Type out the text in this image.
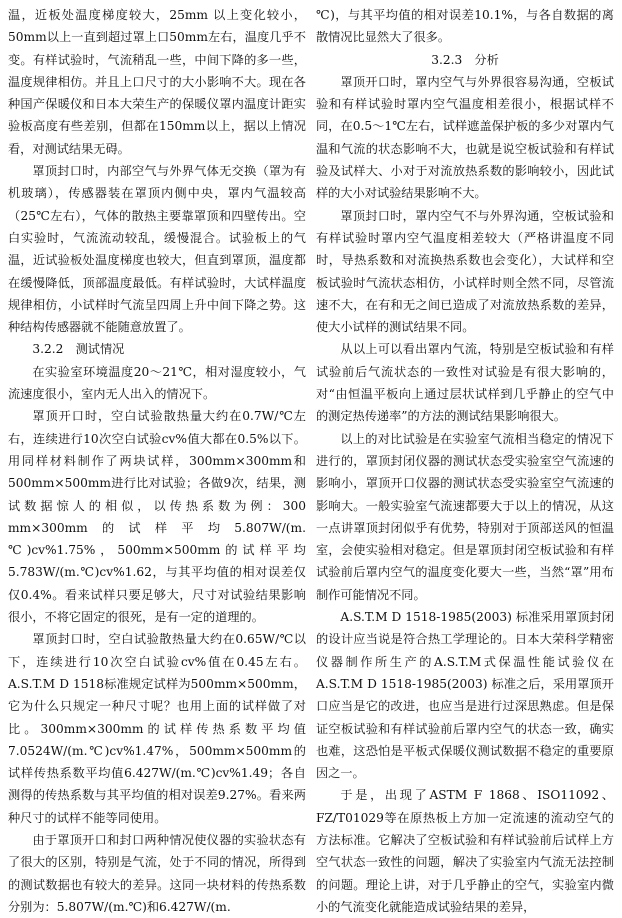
温，近板处温度梯度较大，25mm 以上变化较小，50mm以上一直到超过罩上口50mm左右，温度几乎不变。有样试验时，气流稍乱一些，中间下降的多一些，温度规律相仿。并且上口尺寸的大小影响不大。现在各种国产保暖仪和日本大荣生产的保暖仪罩内温度计距实验板高度有些差别，但都在150mm以上，据以上情况看，对测试结果无碍。

罩顶封口时，内部空气与外界气体无交换（罩为有机玻璃），传感器装在罩顶内侧中央，罩内气温较高（25℃左右），气体的散热主要靠罩顶和四壁传出。空白实验时，气流流动较乱，缓慢混合。试验板上的气温，近试验板处温度梯度也较大，但直到罩顶，温度都在缓慢降低，顶部温度最低。有样试验时，大试样温度规律相仿，小试样时气流呈四周上升中间下降之势。这种结构传感器就不能随意放置了。

3.2.2　测试情况

在实验室环境温度20～21℃，相对湿度较小，气流速度很小，室内无人出入的情况下。

罩顶开口时，空白试验散热量大约在0.7W/℃左右，连续进行10次空白试验cv%值大都在0.5%以下。用同样材料制作了两块试样，300mm×300mm和500mm×500mm进行比对试验；各做9次，结果，测试数据惊人的相似，以传热系数为例：300 mm×300mm的试样平均5.807W/(m.℃)cv%1.75%，500mm×500mm的试样平均5.783W/(m.℃)cv%1.62，与其平均值的相对误差仅仅0.4%。看来试样只要足够大，尺寸对试验结果影响很小，不将它固定的很死，是有一定的道理的。

罩顶封口时，空白试验散热量大约在0.65W/℃以下，连续进行10次空白试验cv%值在0.45左右。A.S.T.M D 1518标准规定试样为500mm×500mm，它为什么只规定一种尺寸呢？也用上面的试样做了对比。300mm×300mm的试样传热系数平均值7.0524W/(m.℃)cv%1.47%，500mm×500mm的试样传热系数平均值6.427W/(m.℃)cv%1.49；各自测得的传热系数与其平均值的相对误差9.27%。看来两种尺寸的试样不能等同使用。

由于罩顶开口和封口两种情况使仪器的实验状态有了很大的区别，特别是气流，处于不同的情况，所得到的测试数据也有较大的差异。这同一块材料的传热系数分别为：5.807W/(m.℃)和6.427W/(m.

℃)，与其平均值的相对误差10.1%，与各自数据的离散情况比显然大了很多。

3.2.3　分析

罩顶开口时，罩内空气与外界很容易沟通，空板试验和有样试验时罩内空气温度相差很小，根据试样不同，在0.5～1℃左右，试样遮盖保护板的多少对罩内气温和气流的状态影响不大，也就是说空板试验和有样试验及试样大、小对于对流放热系数的影响较小，因此试样的大小对试验结果影响不大。

罩顶封口时，罩内空气不与外界沟通，空板试验和有样试验时罩内空气温度相差较大（严格讲温度不同时，导热系数和对流换热系数也会变化），大试样和空板试验时气流状态相仿，小试样时则全然不同，尽管流速不大，在有和无之间已造成了对流放热系数的差异，使大小试样的测试结果不同。

从以上可以看出罩内气流，特别是空板试验和有样试验前后气流状态的一致性对试验是有很大影响的，对“由恒温平板向上通过层状试样到几乎静止的空气中的测定热传递率”的方法的测试结果影响很大。

以上的对比试验是在实验室气流相当稳定的情况下进行的，罩顶封闭仪器的测试状态受实验室空气流速的影响小，罩顶开口仪器的测试状态受实验室空气流速的影响大。一般实验室气流速都要大于以上的情况，从这一点讲罩顶封闭似乎有优势，特别对于顶部送风的恒温室，会使实验相对稳定。但是罩顶封闭空板试验和有样试验前后罩内空气的温度变化要大一些，当然“罩”用布制作可能情况不同。

A.S.T.M D 1518-1985(2003) 标准采用罩顶封闭的设计应当说是符合热工学理论的。日本大荣科学精密仪器制作所生产的A.S.T.M式保温性能试验仪在A.S.T.M D 1518-1985(2003) 标准之后，采用罩顶开口应当是它的改进，也应当是进行过深思熟虑。但是保证空板试验和有样试验前后罩内空气的状态一致，确实也难，这恐怕是平板式保暖仪测试数据不稳定的重要原因之一。

于是，出现了ASTM F 1868、ISO11092、FZ/T01029等在原热板上方加一定流速的流动空气的方法标准。它解决了空板试验和有样试验前后试样上方空气状态一致性的问题，解决了实验室内气流无法控制的问题。理论上讲，对于几乎静止的空气，实验室内微小的气流变化就能造成试验结果的差异，
